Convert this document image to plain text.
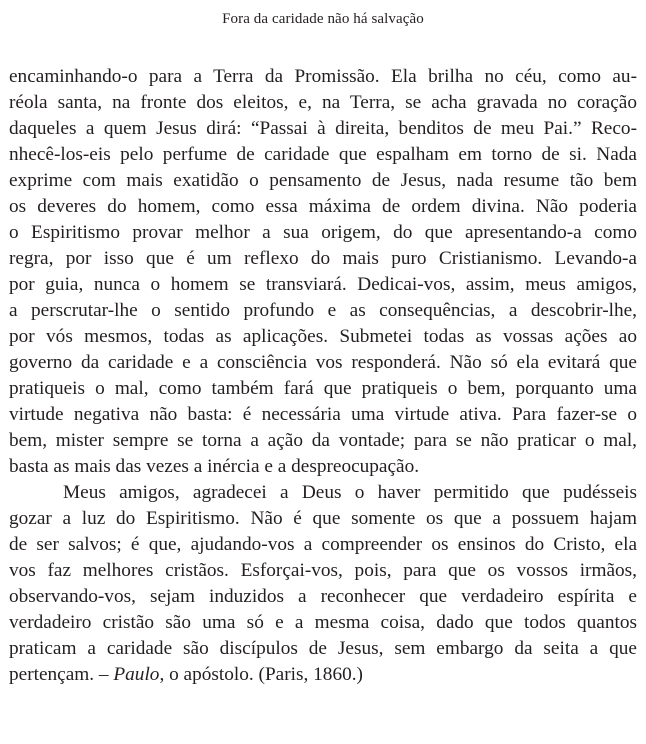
Fora da caridade não há salvação
encaminhando-o para a Terra da Promissão. Ela brilha no céu, como au-
réola santa, na fronte dos eleitos, e, na Terra, se acha gravada no coração
daqueles a quem Jesus dirá: “Passai à direita, benditos de meu Pai.” Reco-
nhecê-los-eis pelo perfume de caridade que espalham em torno de si. Nada
exprime com mais exatidão o pensamento de Jesus, nada resume tão bem
os deveres do homem, como essa máxima de ordem divina. Não poderia
o Espiritismo provar melhor a sua origem, do que apresentando-a como
regra, por isso que é um reflexo do mais puro Cristianismo. Levando-a
por guia, nunca o homem se transviará. Dedicai-vos, assim, meus amigos,
a perscrutar-lhe o sentido profundo e as consequências, a descobrir-lhe,
por vós mesmos, todas as aplicações. Submetei todas as vossas ações ao
governo da caridade e a consciência vos responderá. Não só ela evitará que
pratiqueis o mal, como também fará que pratiqueis o bem, porquanto uma
virtude negativa não basta: é necessária uma virtude ativa. Para fazer-se o
bem, mister sempre se torna a ação da vontade; para se não praticar o mal,
basta as mais das vezes a inércia e a despreocupação.
Meus amigos, agradecei a Deus o haver permitido que pudésseis
gozar a luz do Espiritismo. Não é que somente os que a possuem hajam
de ser salvos; é que, ajudando-vos a compreender os ensinos do Cristo, ela
vos faz melhores cristãos. Esforçai-vos, pois, para que os vossos irmãos,
observando-vos, sejam induzidos a reconhecer que verdadeiro espírita e
verdadeiro cristão são uma só e a mesma coisa, dado que todos quantos
praticam a caridade são discípulos de Jesus, sem embargo da seita a que
pertençam. – Paulo, o apóstolo. (Paris, 1860.)
